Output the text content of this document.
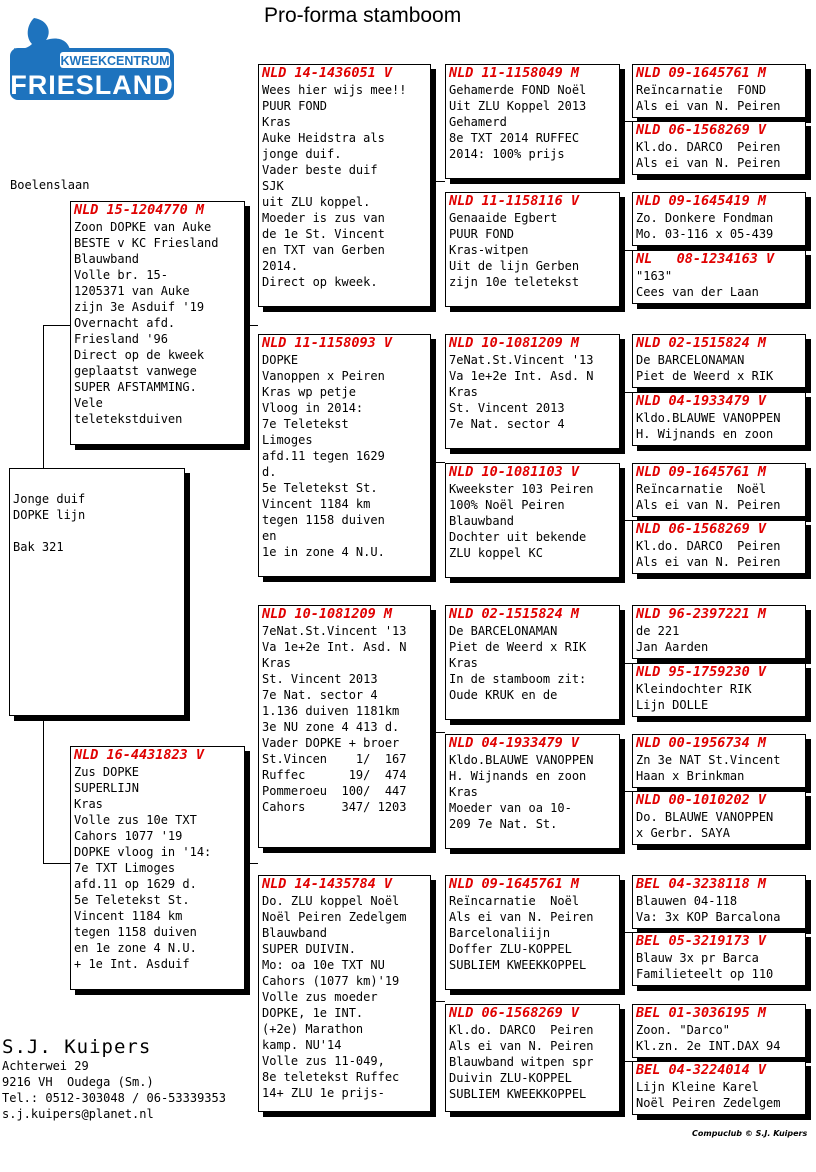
Pro-forma stamboom
KWEEKCENTRUM
FRIESLAND
Boelenslaan
Jonge duif
DOPKE lijn

Bak 321
NLD 15-1204770 M
Zoon DOPKE van Auke
BESTE v KC Friesland
Blauwband
Volle br. 15-
1205371 van Auke
zijn 3e Asduif '19
Overnacht afd.
Friesland '96
Direct op de kweek
geplaatst vanwege
SUPER AFSTAMMING.
Vele
teletekstduiven
NLD 16-4431823 V
Zus DOPKE
SUPERLIJN
Kras
Volle zus 10e TXT
Cahors 1077 '19
DOPKE vloog in '14:
7e TXT Limoges
afd.11 op 1629 d.
5e Teletekst St.
Vincent 1184 km
tegen 1158 duiven
en 1e zone 4 N.U.
+ 1e Int. Asduif
NLD 14-1436051 V
Wees hier wijs mee!!
PUUR FOND
Kras
Auke Heidstra als
jonge duif.
Vader beste duif
SJK
uit ZLU koppel.
Moeder is zus van
de 1e St. Vincent
en TXT van Gerben
2014.
Direct op kweek.
NLD 11-1158093 V
DOPKE
Vanoppen x Peiren
Kras wp petje
Vloog in 2014:
7e Teletekst
Limoges
afd.11 tegen 1629
d.
5e Teletekst St.
Vincent 1184 km
tegen 1158 duiven
en
1e in zone 4 N.U.
NLD 10-1081209 M
7eNat.St.Vincent '13
Va 1e+2e Int. Asd. N
Kras
St. Vincent 2013
7e Nat. sector 4
1.136 duiven 1181km
3e NU zone 4 413 d.
Vader DOPKE + broer
St.Vincen    1/  167
Ruffec      19/  474
Pommeroeu  100/  447
Cahors     347/ 1203
NLD 14-1435784 V
Do. ZLU koppel Noël
Noël Peiren Zedelgem
Blauwband
SUPER DUIVIN.
Mo: oa 10e TXT NU
Cahors (1077 km)'19
Volle zus moeder
DOPKE, 1e INT.
(+2e) Marathon
kamp. NU'14
Volle zus 11-049,
8e teletekst Ruffec
14+ ZLU 1e prijs-
NLD 11-1158049 M
Gehamerde FOND Noël
Uit ZLU Koppel 2013
Gehamerd
8e TXT 2014 RUFFEC
2014: 100% prijs
NLD 11-1158116 V
Genaaide Egbert
PUUR FOND
Kras-witpen
Uit de lijn Gerben
zijn 10e teletekst
NLD 10-1081209 M
7eNat.St.Vincent '13
Va 1e+2e Int. Asd. N
Kras
St. Vincent 2013
7e Nat. sector 4
NLD 10-1081103 V
Kweekster 103 Peiren
100% Noël Peiren
Blauwband
Dochter uit bekende
ZLU koppel KC
NLD 02-1515824 M
De BARCELONAMAN
Piet de Weerd x RIK
Kras
In de stamboom zit:
Oude KRUK en de
NLD 04-1933479 V
Kldo.BLAUWE VANOPPEN
H. Wijnands en zoon
Kras
Moeder van oa 10-
209 7e Nat. St.
NLD 09-1645761 M
Reïncarnatie  Noël
Als ei van N. Peiren
Barcelonaliijn
Doffer ZLU-KOPPEL
SUBLIEM KWEEKKOPPEL
NLD 06-1568269 V
Kl.do. DARCO  Peiren
Als ei van N. Peiren
Blauwband witpen spr
Duivin ZLU-KOPPEL
SUBLIEM KWEEKKOPPEL
NLD 09-1645761 M
Reïncarnatie  FOND
Als ei van N. Peiren
NLD 06-1568269 V
Kl.do. DARCO  Peiren
Als ei van N. Peiren
NLD 09-1645419 M
Zo. Donkere Fondman
Mo. 03-116 x 05-439
NL   08-1234163 V
"163"
Cees van der Laan
NLD 02-1515824 M
De BARCELONAMAN
Piet de Weerd x RIK
NLD 04-1933479 V
Kldo.BLAUWE VANOPPEN
H. Wijnands en zoon
NLD 09-1645761 M
Reïncarnatie  Noël
Als ei van N. Peiren
NLD 06-1568269 V
Kl.do. DARCO  Peiren
Als ei van N. Peiren
NLD 96-2397221 M
de 221
Jan Aarden
NLD 95-1759230 V
Kleindochter RIK
Lijn DOLLE
NLD 00-1956734 M
Zn 3e NAT St.Vincent
Haan x Brinkman
NLD 00-1010202 V
Do. BLAUWE VANOPPEN
x Gerbr. SAYA
BEL 04-3238118 M
Blauwen 04-118
Va: 3x KOP Barcalona
BEL 05-3219173 V
Blauw 3x pr Barca
Familieteelt op 110
BEL 01-3036195 M
Zoon. "Darco"
Kl.zn. 2e INT.DAX 94
BEL 04-3224014 V
Lijn Kleine Karel
Noël Peiren Zedelgem
S.J. Kuipers
Achterwei 29
9216 VH  Oudega (Sm.)
Tel.: 0512-303048 / 06-53339353
s.j.kuipers@planet.nl
Compuclub © S.J. Kuipers
